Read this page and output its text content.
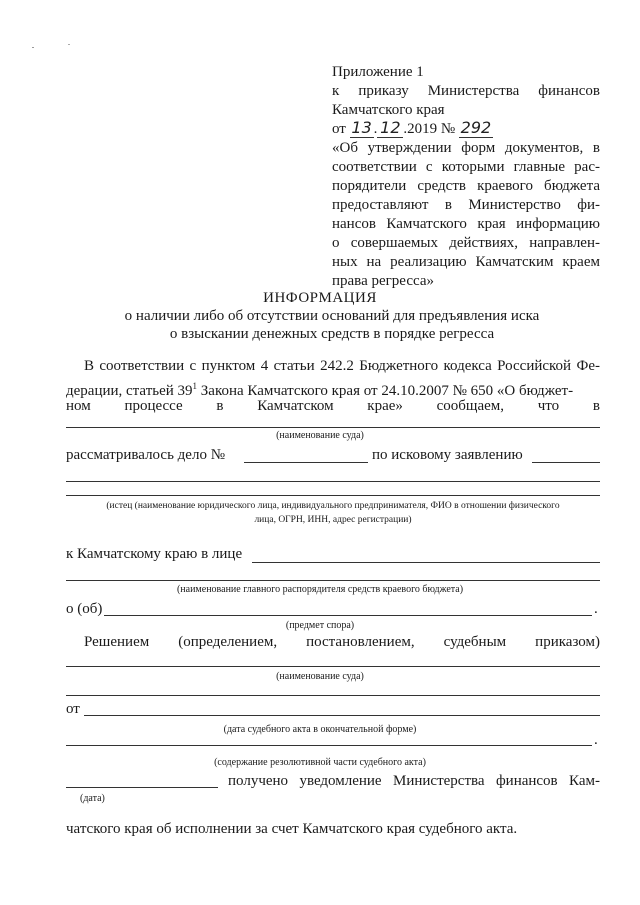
Приложение 1
к приказу Министерства финансов
Камчатского края
от 13 . 12 .2019 № 292
«Об утверждении форм документов, в
соответствии с которыми главные рас-
порядители средств краевого бюджета
предоставляют в Министерство фи-
нансов Камчатского края информацию
о совершаемых действиях, направлен-
ных на реализацию Камчатским краем
права регресса»
ИНФОРМАЦИЯ
о наличии либо об отсутствии оснований для предъявления иска
о взыскании денежных средств в порядке регресса
В соответствии с пунктом 4 статьи 242.2 Бюджетного кодекса Российской Фе-
дерации, статьей $39^1$ Закона Камчатского края от 24.10.2007 № 650 «О бюджет-
ном процессе в Камчатском крае» сообщаем, что в
(наименование суда)
рассматривалось дело №	по исковому заявлению
(истец (наименование юридического лица, индивидуального предпринимателя, ФИО в отношении физического
лица, ОГРН, ИНН, адрес регистрации)
к Камчатскому краю в лице
(наименование главного распорядителя средств краевого бюджета)
о (об)	.
(предмет спора)
Решением (определением, постановлением, судебным приказом)
(наименование суда)
от
(дата судебного акта в окончательной форме)
.
(содержание резолютивной части судебного акта)
получено уведомление Министерства финансов Кам-
(дата)
чатского края об исполнении за счет Камчатского края судебного акта.
